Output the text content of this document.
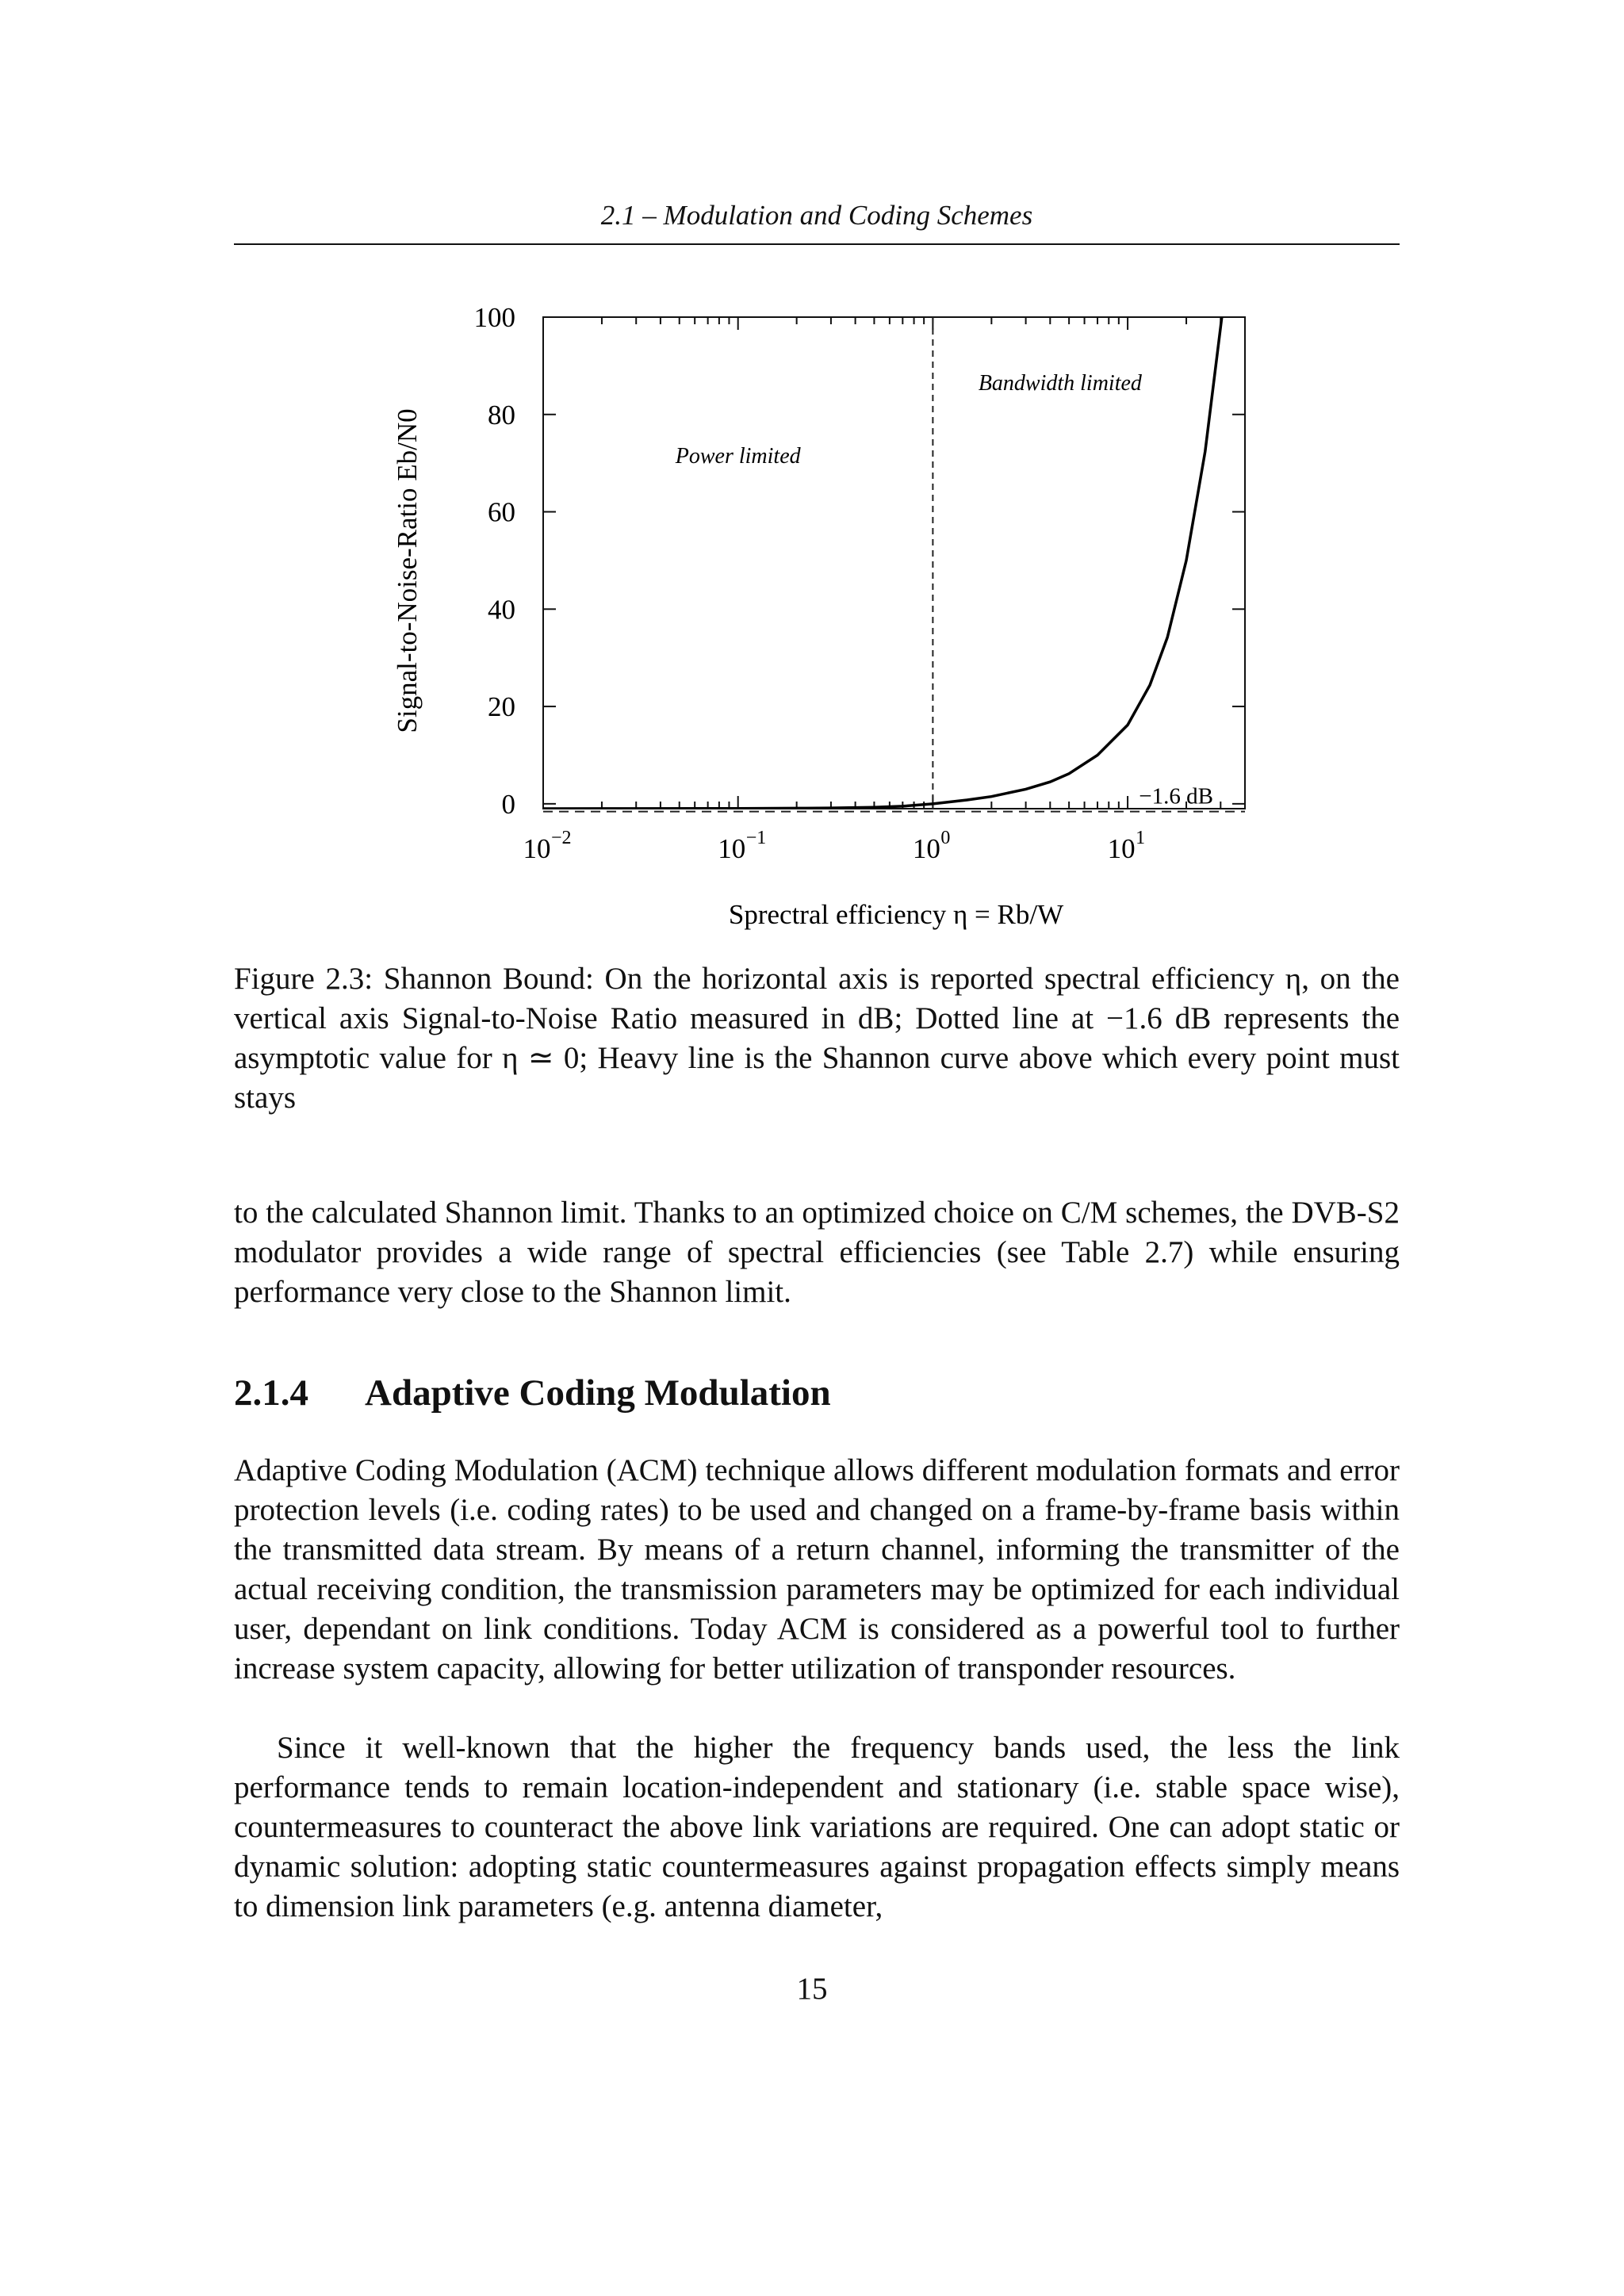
2.1 – Modulation and Coding Schemes
Signal-to-Noise-Ratio Eb/N0
Sprectral efficiency η = Rb/W
0
20
40
60
80
100
10 −2	10 −1	10 0	10 1
−1.6 dB
Power limited
Bandwidth limited
Figure 2.3: Shannon Bound: On the horizontal axis is reported spectral efficiency η, on the vertical axis Signal-to-Noise Ratio measured in dB; Dotted line at −1.6 dB represents the asymptotic value for η ≃ 0; Heavy line is the Shannon curve above which every point must stays

to the calculated Shannon limit. Thanks to an optimized choice on C/M schemes, the DVB-S2 modulator provides a wide range of spectral efficiencies (see Table 2.7) while ensuring performance very close to the Shannon limit.

2.1.4 Adaptive Coding Modulation

Adaptive Coding Modulation (ACM) technique allows different modulation formats and error protection levels (i.e. coding rates) to be used and changed on a frame-by-frame basis within the transmitted data stream. By means of a return channel, informing the transmitter of the actual receiving condition, the transmission parameters may be optimized for each individual user, dependant on link conditions. Today ACM is considered as a powerful tool to further increase system capacity, allowing for better utilization of transponder resources.

Since it well-known that the higher the frequency bands used, the less the link performance tends to remain location-independent and stationary (i.e. stable space wise), countermeasures to counteract the above link variations are required. One can adopt static or dynamic solution: adopting static countermeasures against propagation effects simply means to dimension link parameters (e.g. antenna diameter,

15
